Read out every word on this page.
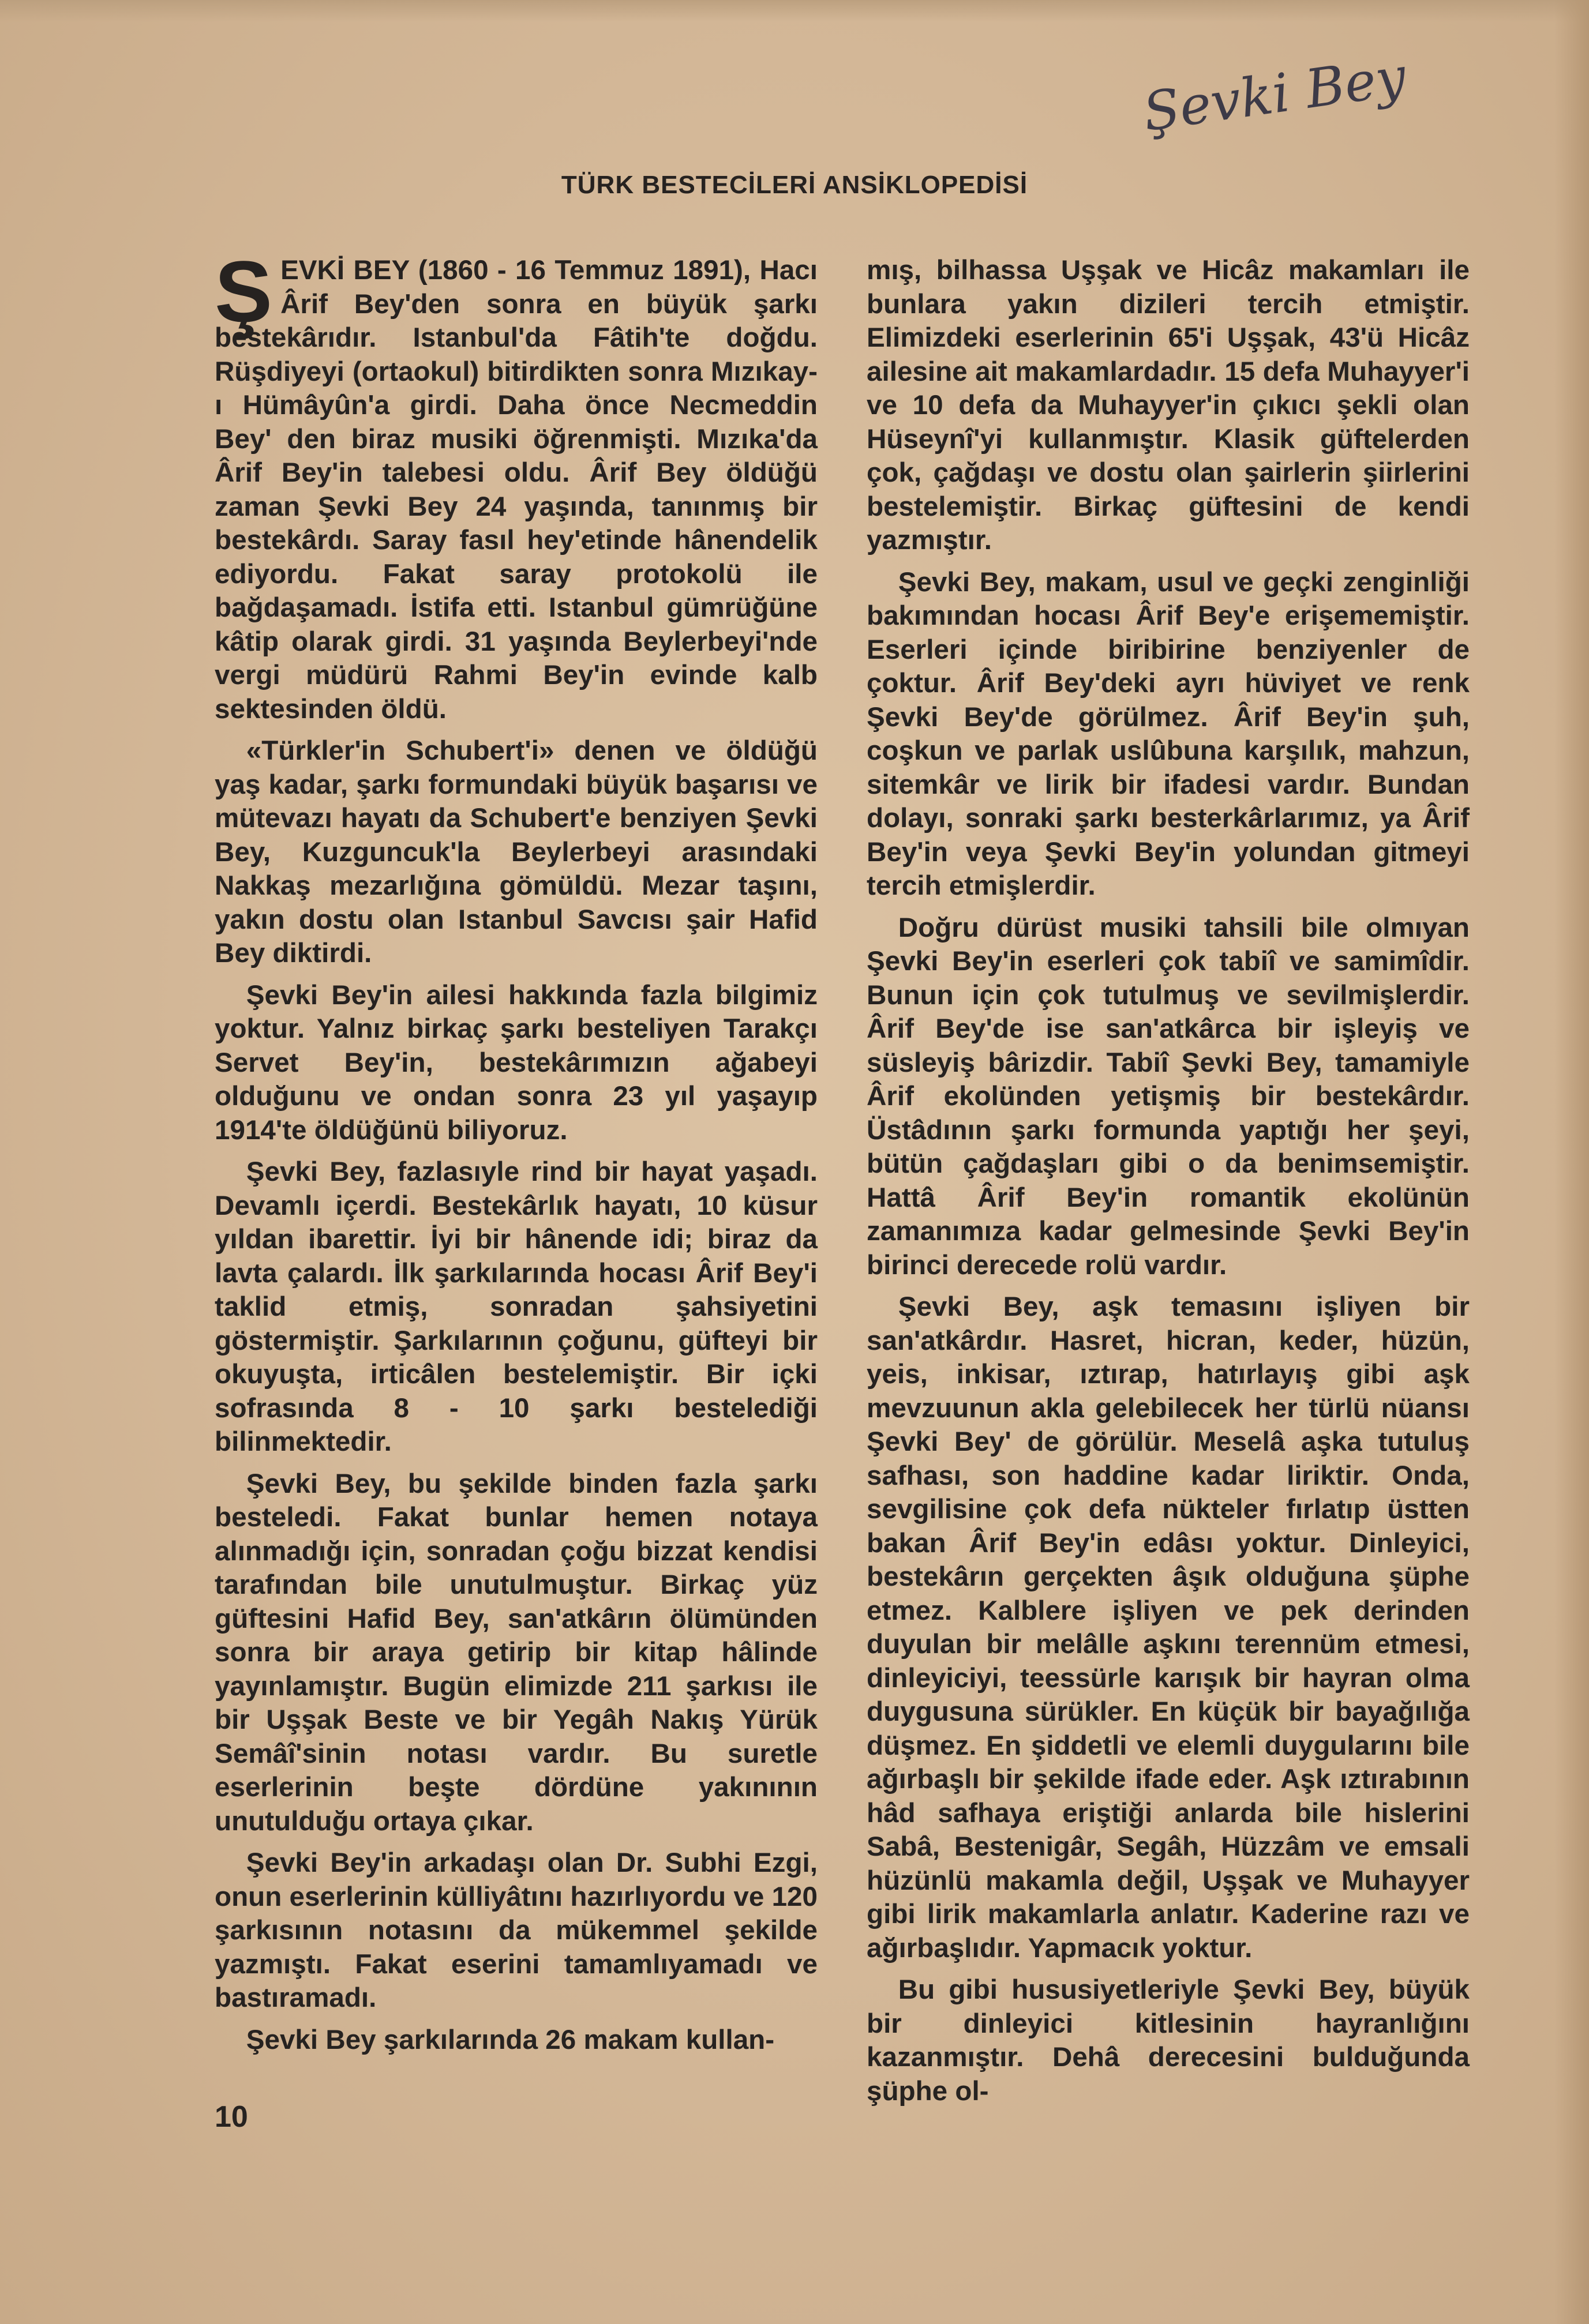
Şevki Bey
TÜRK BESTECİLERİ ANSİKLOPEDİSİ

Ş EVKİ BEY (1860 - 16 Temmuz 1891), Hacı Ârif Bey'den sonra en büyük şarkı bestekârıdır. Istanbul'da Fâtih'te doğdu. Rüşdiyeyi (ortaokul) bitirdikten sonra Mızıkay-ı Hümâyûn'a girdi. Daha önce Necmeddin Bey' den biraz musiki öğrenmişti. Mızıka'da Ârif Bey'in talebesi oldu. Ârif Bey öldüğü zaman Şevki Bey 24 yaşında, tanınmış bir bestekârdı. Saray fasıl hey'etinde hânendelik ediyordu. Fakat saray protokolü ile bağdaşamadı. İstifa etti. Istanbul gümrüğüne kâtip olarak girdi. 31 yaşında Beylerbeyi'nde vergi müdürü Rahmi Bey'in evinde kalb sektesinden öldü.

«Türkler'in Schubert'i» denen ve öldüğü yaş kadar, şarkı formundaki büyük başarısı ve mütevazı hayatı da Schubert'e benziyen Şevki Bey, Kuzguncuk'la Beylerbeyi arasındaki Nakkaş mezarlığına gömüldü. Mezar taşını, yakın dostu olan Istanbul Savcısı şair Hafid Bey diktirdi.

Şevki Bey'in ailesi hakkında fazla bilgimiz yoktur. Yalnız birkaç şarkı besteliyen Tarakçı Servet Bey'in, bestekârımızın ağabeyi olduğunu ve ondan sonra 23 yıl yaşayıp 1914'te öldüğünü biliyoruz.

Şevki Bey, fazlasıyle rind bir hayat yaşadı. Devamlı içerdi. Bestekârlık hayatı, 10 küsur yıldan ibarettir. İyi bir hânende idi; biraz da lavta çalardı. İlk şarkılarında hocası Ârif Bey'i taklid etmiş, sonradan şahsiyetini göstermiştir. Şarkılarının çoğunu, güfteyi bir okuyuşta, irticâlen bestelemiştir. Bir içki sofrasında 8 - 10 şarkı bestelediği bilinmektedir.

Şevki Bey, bu şekilde binden fazla şarkı besteledi. Fakat bunlar hemen notaya alınmadığı için, sonradan çoğu bizzat kendisi tarafından bile unutulmuştur. Birkaç yüz güftesini Hafid Bey, san'atkârın ölümünden sonra bir araya getirip bir kitap hâlinde yayınlamıştır. Bugün elimizde 211 şarkısı ile bir Uşşak Beste ve bir Yegâh Nakış Yürük Semâî'sinin notası vardır. Bu suretle eserlerinin beşte dördüne yakınının unutulduğu ortaya çıkar.

Şevki Bey'in arkadaşı olan Dr. Subhi Ezgi, onun eserlerinin külliyâtını hazırlıyordu ve 120 şarkısının notasını da mükemmel şekilde yazmıştı. Fakat eserini tamamlıyamadı ve bastıramadı.

Şevki Bey şarkılarında 26 makam kullan-

mış, bilhassa Uşşak ve Hicâz makamları ile bunlara yakın dizileri tercih etmiştir. Elimizdeki eserlerinin 65'i Uşşak, 43'ü Hicâz ailesine ait makamlardadır. 15 defa Muhayyer'i ve 10 defa da Muhayyer'in çıkıcı şekli olan Hüseynî'yi kullanmıştır. Klasik güftelerden çok, çağdaşı ve dostu olan şairlerin şiirlerini bestelemiştir. Birkaç güftesini de kendi yazmıştır.

Şevki Bey, makam, usul ve geçki zenginliği bakımından hocası Ârif Bey'e erişememiştir. Eserleri içinde biribirine benziyenler de çoktur. Ârif Bey'deki ayrı hüviyet ve renk Şevki Bey'de görülmez. Ârif Bey'in şuh, coşkun ve parlak uslûbuna karşılık, mahzun, sitemkâr ve lirik bir ifadesi vardır. Bundan dolayı, sonraki şarkı besterkârlarımız, ya Ârif Bey'in veya Şevki Bey'in yolundan gitmeyi tercih etmişlerdir.

Doğru dürüst musiki tahsili bile olmıyan Şevki Bey'in eserleri çok tabiî ve samimîdir. Bunun için çok tutulmuş ve sevilmişlerdir. Ârif Bey'de ise san'atkârca bir işleyiş ve süsleyiş bârizdir. Tabiî Şevki Bey, tamamiyle Ârif ekolünden yetişmiş bir bestekârdır. Üstâdının şarkı formunda yaptığı her şeyi, bütün çağdaşları gibi o da benimsemiştir. Hattâ Ârif Bey'in romantik ekolünün zamanımıza kadar gelmesinde Şevki Bey'in birinci derecede rolü vardır.

Şevki Bey, aşk temasını işliyen bir san'atkârdır. Hasret, hicran, keder, hüzün, yeis, inkisar, ıztırap, hatırlayış gibi aşk mevzuunun akla gelebilecek her türlü nüansı Şevki Bey' de görülür. Meselâ aşka tutuluş safhası, son haddine kadar liriktir. Onda, sevgilisine çok defa nükteler fırlatıp üstten bakan Ârif Bey'in edâsı yoktur. Dinleyici, bestekârın gerçekten âşık olduğuna şüphe etmez. Kalblere işliyen ve pek derinden duyulan bir melâlle aşkını terennüm etmesi, dinleyiciyi, teessürle karışık bir hayran olma duygusuna sürükler. En küçük bir bayağılığa düşmez. En şiddetli ve elemli duygularını bile ağırbaşlı bir şekilde ifade eder. Aşk ıztırabının hâd safhaya eriştiği anlarda bile hislerini Sabâ, Bestenigâr, Segâh, Hüzzâm ve emsali hüzünlü makamla değil, Uşşak ve Muhayyer gibi lirik makamlarla anlatır. Kaderine razı ve ağırbaşlıdır. Yapmacık yoktur.

Bu gibi hususiyetleriyle Şevki Bey, büyük bir dinleyici kitlesinin hayranlığını kazanmıştır. Dehâ derecesini bulduğunda şüphe ol-

10
